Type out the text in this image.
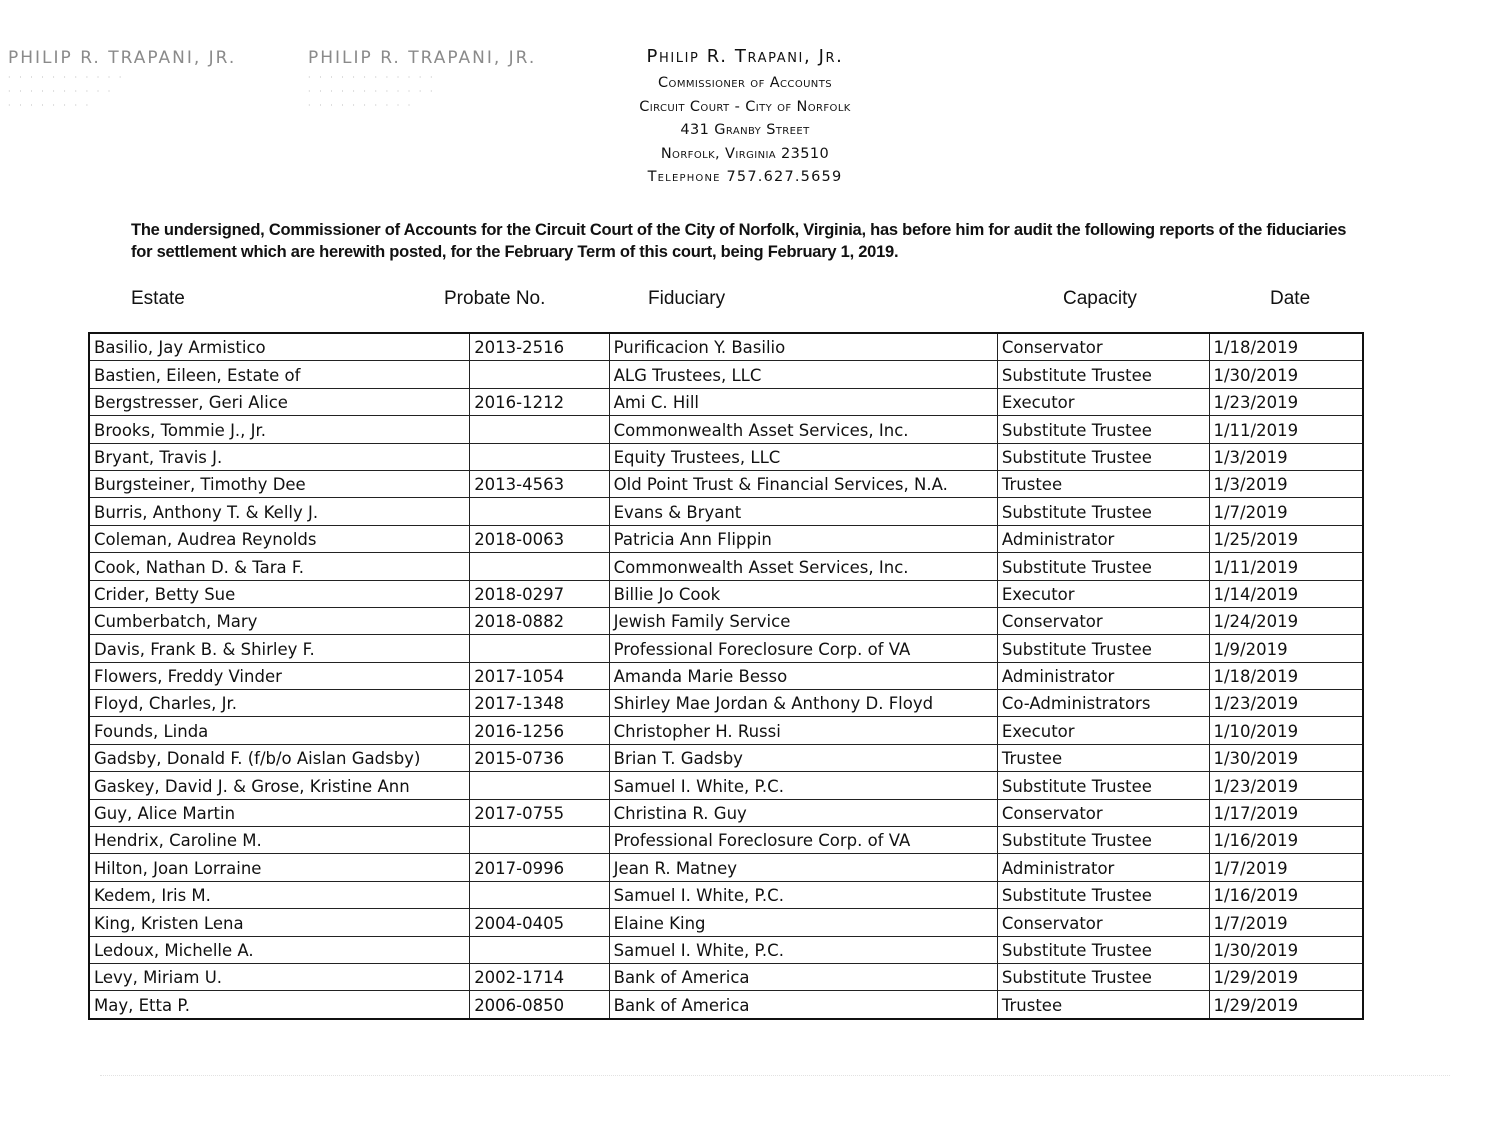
PHILIP R. TRAPANI, JR.
· · · · · · · · · · ·
· · · · · · · · · ·
· · · · · · · ·
PHILIP R. TRAPANI, JR.
· · · · · · · · · · · ·
· · · · · · · · · · · ·
· · · · · · · · · ·
Philip R. Trapani, Jr.
Commissioner of Accounts
Circuit Court - City of Norfolk
431 Granby Street
Norfolk, Virginia 23510
Telephone 757.627.5659
The undersigned, Commissioner of Accounts for the Circuit Court of the City of Norfolk, Virginia, has before him for audit the following reports of the fiduciaries for settlement which are herewith posted, for the February Term of this court, being February 1, 2019.
Estate	Probate No.	Fiduciary	Capacity	Date
Basilio, Jay Armistico	2013-2516	Purificacion Y. Basilio	Conservator	1/18/2019
Bastien, Eileen, Estate of		ALG Trustees, LLC	Substitute Trustee	1/30/2019
Bergstresser, Geri Alice	2016-1212	Ami C. Hill	Executor	1/23/2019
Brooks, Tommie J., Jr.		Commonwealth Asset Services, Inc.	Substitute Trustee	1/11/2019
Bryant, Travis J.		Equity Trustees, LLC	Substitute Trustee	1/3/2019
Burgsteiner, Timothy Dee	2013-4563	Old Point Trust & Financial Services, N.A.	Trustee	1/3/2019
Burris, Anthony T. & Kelly J.		Evans & Bryant	Substitute Trustee	1/7/2019
Coleman, Audrea Reynolds	2018-0063	Patricia Ann Flippin	Administrator	1/25/2019
Cook, Nathan D. & Tara F.		Commonwealth Asset Services, Inc.	Substitute Trustee	1/11/2019
Crider, Betty Sue	2018-0297	Billie Jo Cook	Executor	1/14/2019
Cumberbatch, Mary	2018-0882	Jewish Family Service	Conservator	1/24/2019
Davis, Frank B. & Shirley F.		Professional Foreclosure Corp. of VA	Substitute Trustee	1/9/2019
Flowers, Freddy Vinder	2017-1054	Amanda Marie Besso	Administrator	1/18/2019
Floyd, Charles, Jr.	2017-1348	Shirley Mae Jordan & Anthony D. Floyd	Co-Administrators	1/23/2019
Founds, Linda	2016-1256	Christopher H. Russi	Executor	1/10/2019
Gadsby, Donald F. (f/b/o Aislan Gadsby)	2015-0736	Brian T. Gadsby	Trustee	1/30/2019
Gaskey, David J. & Grose, Kristine Ann		Samuel I. White, P.C.	Substitute Trustee	1/23/2019
Guy, Alice Martin	2017-0755	Christina R. Guy	Conservator	1/17/2019
Hendrix, Caroline M.		Professional Foreclosure Corp. of VA	Substitute Trustee	1/16/2019
Hilton, Joan Lorraine	2017-0996	Jean R. Matney	Administrator	1/7/2019
Kedem, Iris M.		Samuel I. White, P.C.	Substitute Trustee	1/16/2019
King, Kristen Lena	2004-0405	Elaine King	Conservator	1/7/2019
Ledoux, Michelle A.		Samuel I. White, P.C.	Substitute Trustee	1/30/2019
Levy, Miriam U.	2002-1714	Bank of America	Substitute Trustee	1/29/2019
May, Etta P.	2006-0850	Bank of America	Trustee	1/29/2019
